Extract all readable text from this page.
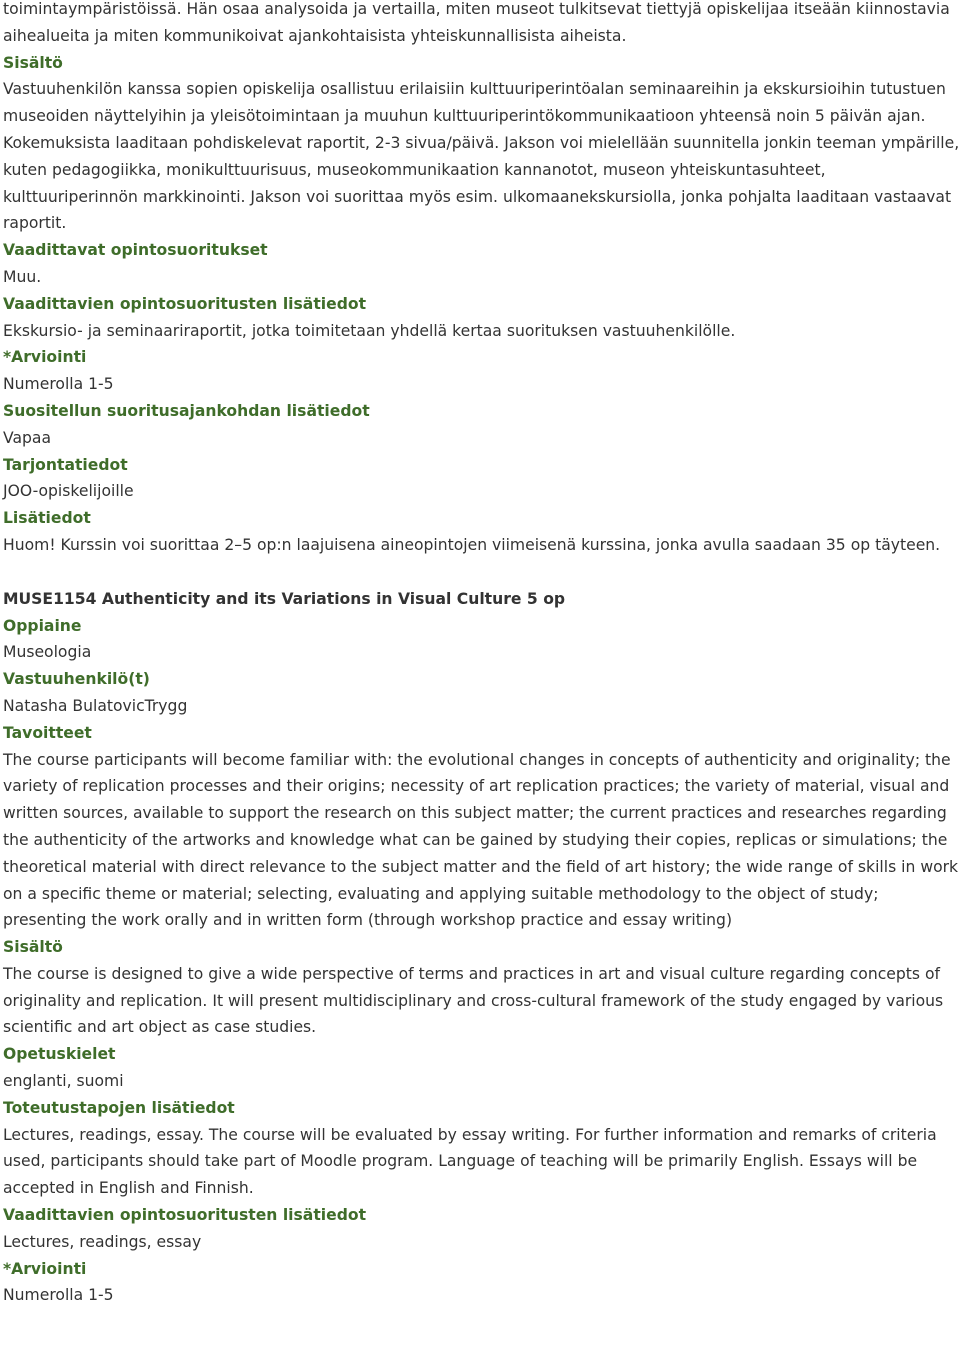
toimintaympäristöissä. Hän osaa analysoida ja vertailla, miten museot tulkitsevat tiettyjä opiskelijaa itseään kiinnostavia aihealueita ja miten kommunikoivat ajankohtaisista yhteiskunnallisista aiheista.

Sisältö

Vastuuhenkilön kanssa sopien opiskelija osallistuu erilaisiin kulttuuriperintöalan seminaareihin ja ekskursioihin tutustuen museoiden näyttelyihin ja yleisötoimintaan ja muuhun kulttuuriperintökommunikaatioon yhteensä noin 5 päivän ajan. Kokemuksista laaditaan pohdiskelevat raportit, 2-3 sivua/päivä. Jakson voi mielellään suunnitella jonkin teeman ympärille, kuten pedagogiikka, monikulttuurisuus, museokommunikaation kannanotot, museon yhteiskuntasuhteet, kulttuuriperinnön markkinointi. Jakson voi suorittaa myös esim. ulkomaanekskursiolla, jonka pohjalta laaditaan vastaavat raportit.

Vaadittavat opintosuoritukset

Muu.

Vaadittavien opintosuoritusten lisätiedot

Ekskursio- ja seminaariraportit, jotka toimitetaan yhdellä kertaa suorituksen vastuuhenkilölle.

*Arviointi

Numerolla 1-5

Suositellun suoritusajankohdan lisätiedot

Vapaa

Tarjontatiedot

JOO-opiskelijoille

Lisätiedot

Huom! Kurssin voi suorittaa 2–5 op:n laajuisena aineopintojen viimeisenä kurssina, jonka avulla saadaan 35 op täyteen.

MUSE1154 Authenticity and its Variations in Visual Culture 5 op

Oppiaine

Museologia

Vastuuhenkilö(t)

Natasha BulatovicTrygg

Tavoitteet

The course participants will become familiar with: the evolutional changes in concepts of authenticity and originality; the variety of replication processes and their origins; necessity of art replication practices; the variety of material, visual and written sources, available to support the research on this subject matter; the current practices and researches regarding the authenticity of the artworks and knowledge what can be gained by studying their copies, replicas or simulations; the theoretical material with direct relevance to the subject matter and the field of art history; the wide range of skills in work on a specific theme or material; selecting, evaluating and applying suitable methodology to the object of study; presenting the work orally and in written form (through workshop practice and essay writing)

Sisältö

The course is designed to give a wide perspective of terms and practices in art and visual culture regarding concepts of originality and replication. It will present multidisciplinary and cross-cultural framework of the study engaged by various scientific and art object as case studies.

Opetuskielet

englanti, suomi

Toteutustapojen lisätiedot

Lectures, readings, essay. The course will be evaluated by essay writing. For further information and remarks of criteria used, participants should take part of Moodle program. Language of teaching will be primarily English. Essays will be accepted in English and Finnish.

Vaadittavien opintosuoritusten lisätiedot

Lectures, readings, essay

*Arviointi

Numerolla 1-5
